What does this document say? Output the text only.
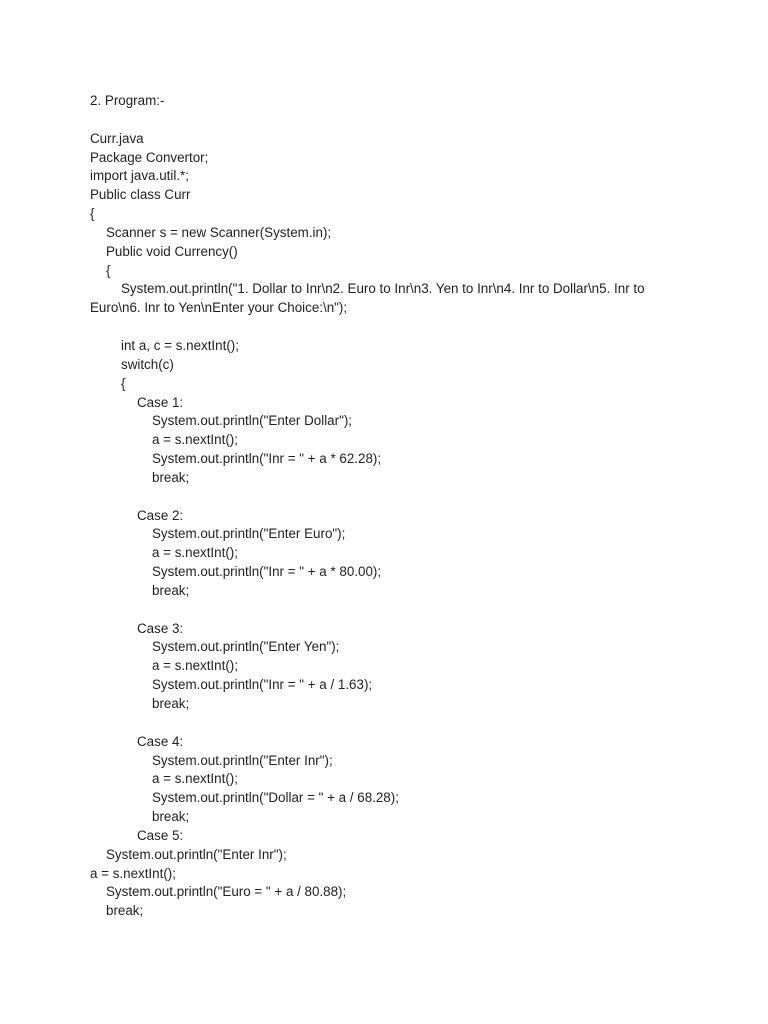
2. Program:-
Curr.java
Package Convertor;
import java.util.*;
Public class Curr
{
Scanner s = new Scanner(System.in);
Public void Currency()
{
System.out.println("1. Dollar to Inr\n2. Euro to Inr\n3. Yen to Inr\n4. Inr to Dollar\n5. Inr to Euro\n6. Inr to Yen\nEnter your Choice:\n");
int a, c = s.nextInt();
switch(c)
{
Case 1:
System.out.println("Enter Dollar");
a = s.nextInt();
System.out.println("Inr = " + a * 62.28);
break;
Case 2:
System.out.println("Enter Euro");
a = s.nextInt();
System.out.println("Inr = " + a * 80.00);
break;
Case 3:
System.out.println("Enter Yen");
a = s.nextInt();
System.out.println("Inr = " + a / 1.63);
break;
Case 4:
System.out.println("Enter Inr");
a = s.nextInt();
System.out.println("Dollar = " + a / 68.28);
break;
Case 5:
System.out.println("Enter Inr");
a = s.nextInt();
System.out.println("Euro = " + a / 80.88);
break;
